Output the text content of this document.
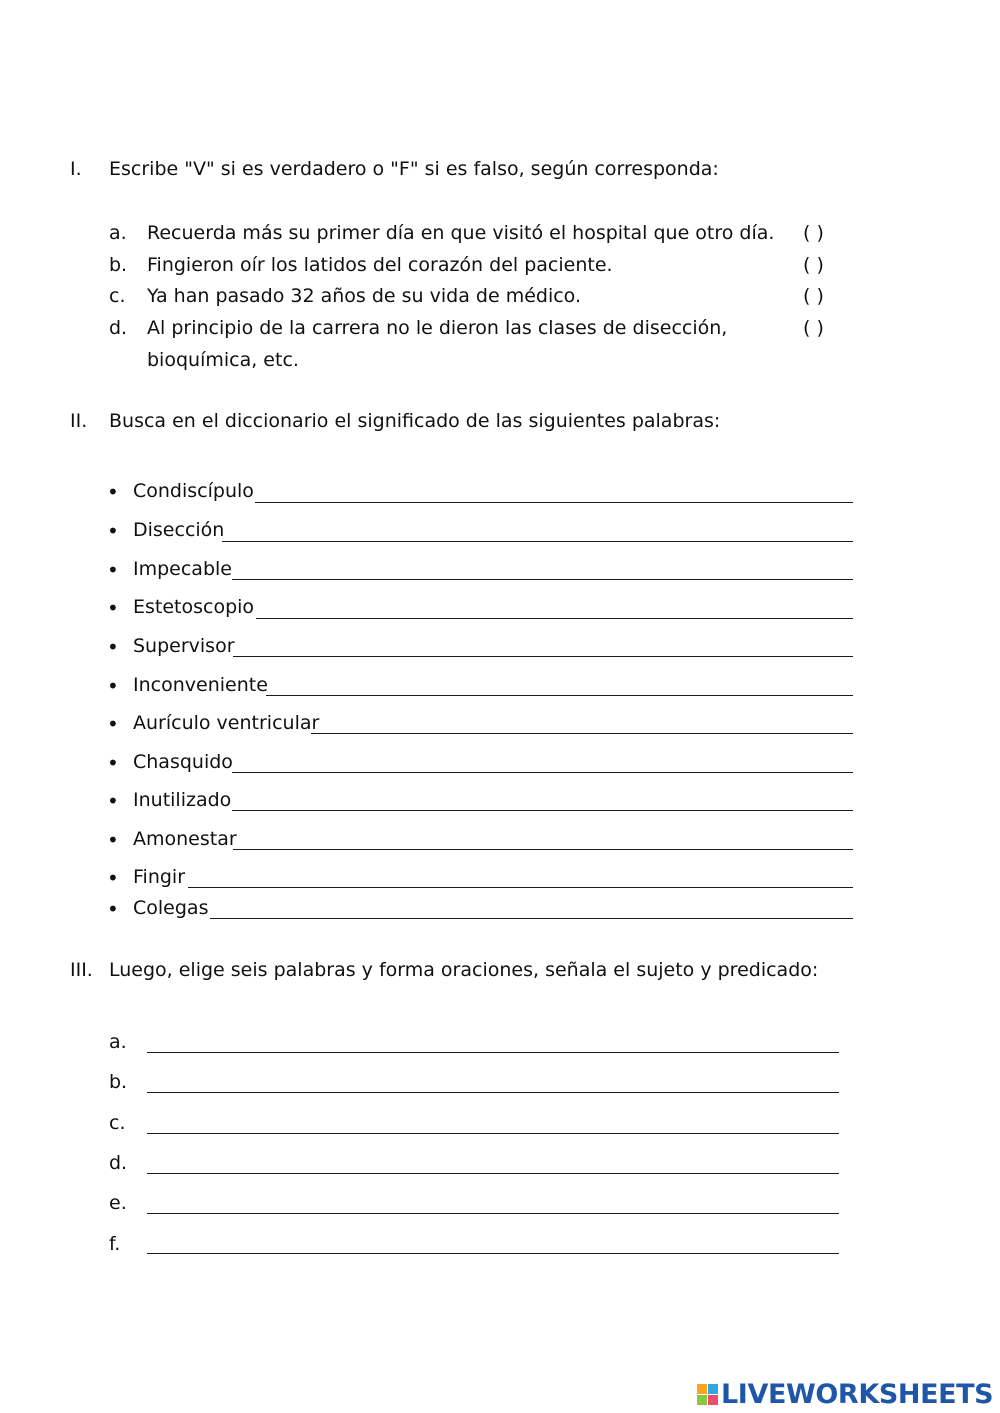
I. Escribe "V" si es verdadero o "F" si es falso, según corresponda:
a. Recuerda más su primer día en que visitó el hospital que otro día. ( )
b. Fingieron oír los latidos del corazón del paciente.	( )
c. Ya han pasado 32 años de su vida de médico.	( )
d. Al principio de la carrera no le dieron las clases de disección,
bioquímica, etc.
( )
II. Busca en el diccionario el significado de las siguientes palabras:
• Condiscípulo
• Disección
• Impecable
• Estetoscopio
• Supervisor
• Inconveniente
• Aurículo ventricular
• Chasquido
• Inutilizado
• Amonestar
• Fingir
• Colegas
III. Luego, elige seis palabras y forma oraciones, señala el sujeto y predicado:
a.
b.
c.
d.
e.
f.
LIVEWORKSHEETS
